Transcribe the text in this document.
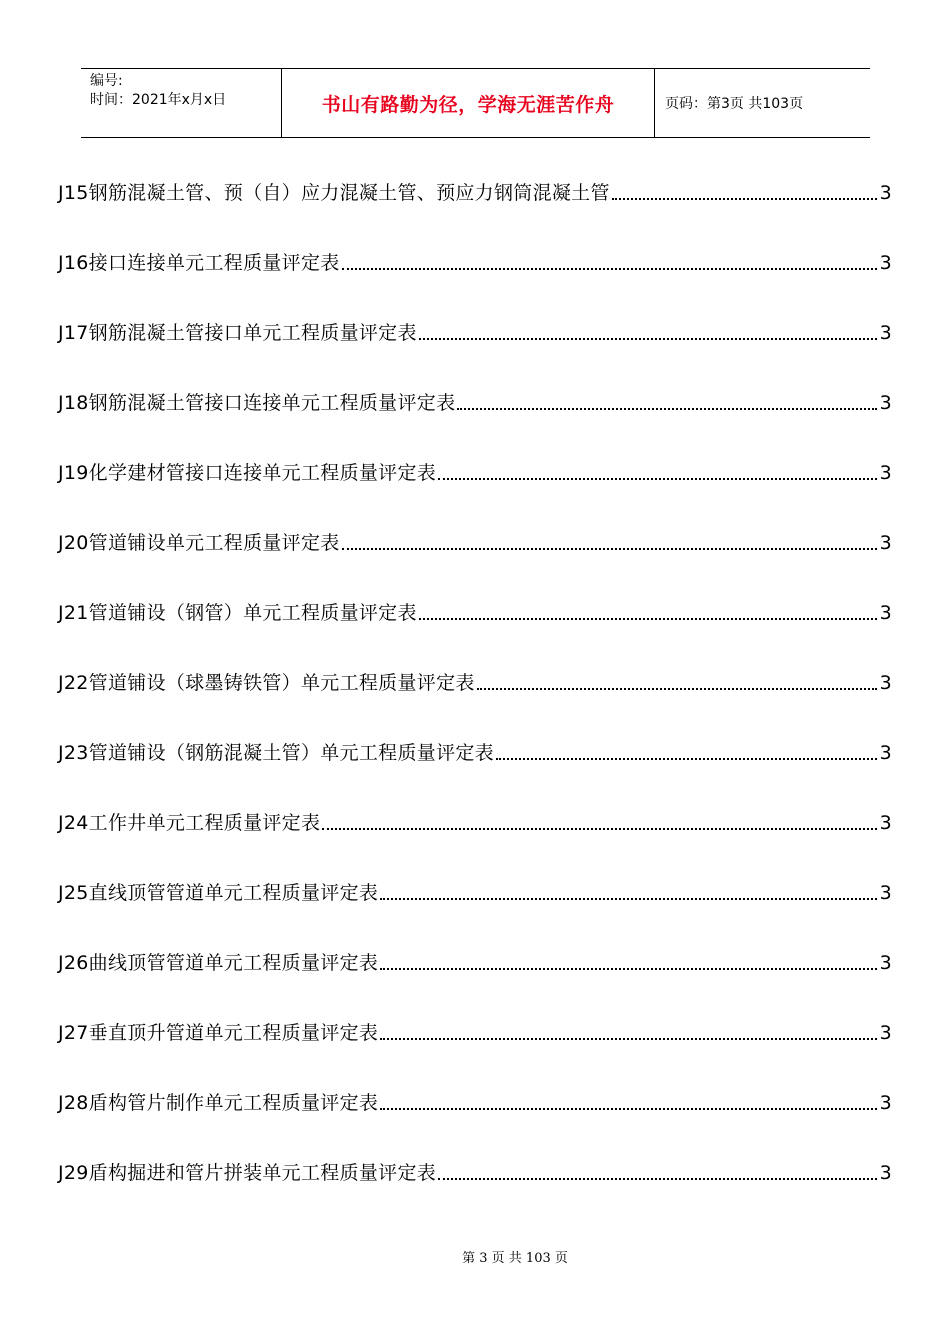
编号:
时间：2021年x月x日	书山有路勤为径，学海无涯苦作舟	页码：第3页 共103页
J15钢筋混凝土管、预（自）应力混凝土管、预应力钢筒混凝土管	3
J16接口连接单元工程质量评定表	3
J17钢筋混凝土管接口单元工程质量评定表	3
J18钢筋混凝土管接口连接单元工程质量评定表	3
J19化学建材管接口连接单元工程质量评定表	3
J20管道铺设单元工程质量评定表	3
J21管道铺设（钢管）单元工程质量评定表	3
J22管道铺设（球墨铸铁管）单元工程质量评定表	3
J23管道铺设（钢筋混凝土管）单元工程质量评定表	3
J24工作井单元工程质量评定表	3
J25直线顶管管道单元工程质量评定表	3
J26曲线顶管管道单元工程质量评定表	3
J27垂直顶升管道单元工程质量评定表	3
J28盾构管片制作单元工程质量评定表	3
J29盾构掘进和管片拼装单元工程质量评定表	3
第 3 页 共 103 页
